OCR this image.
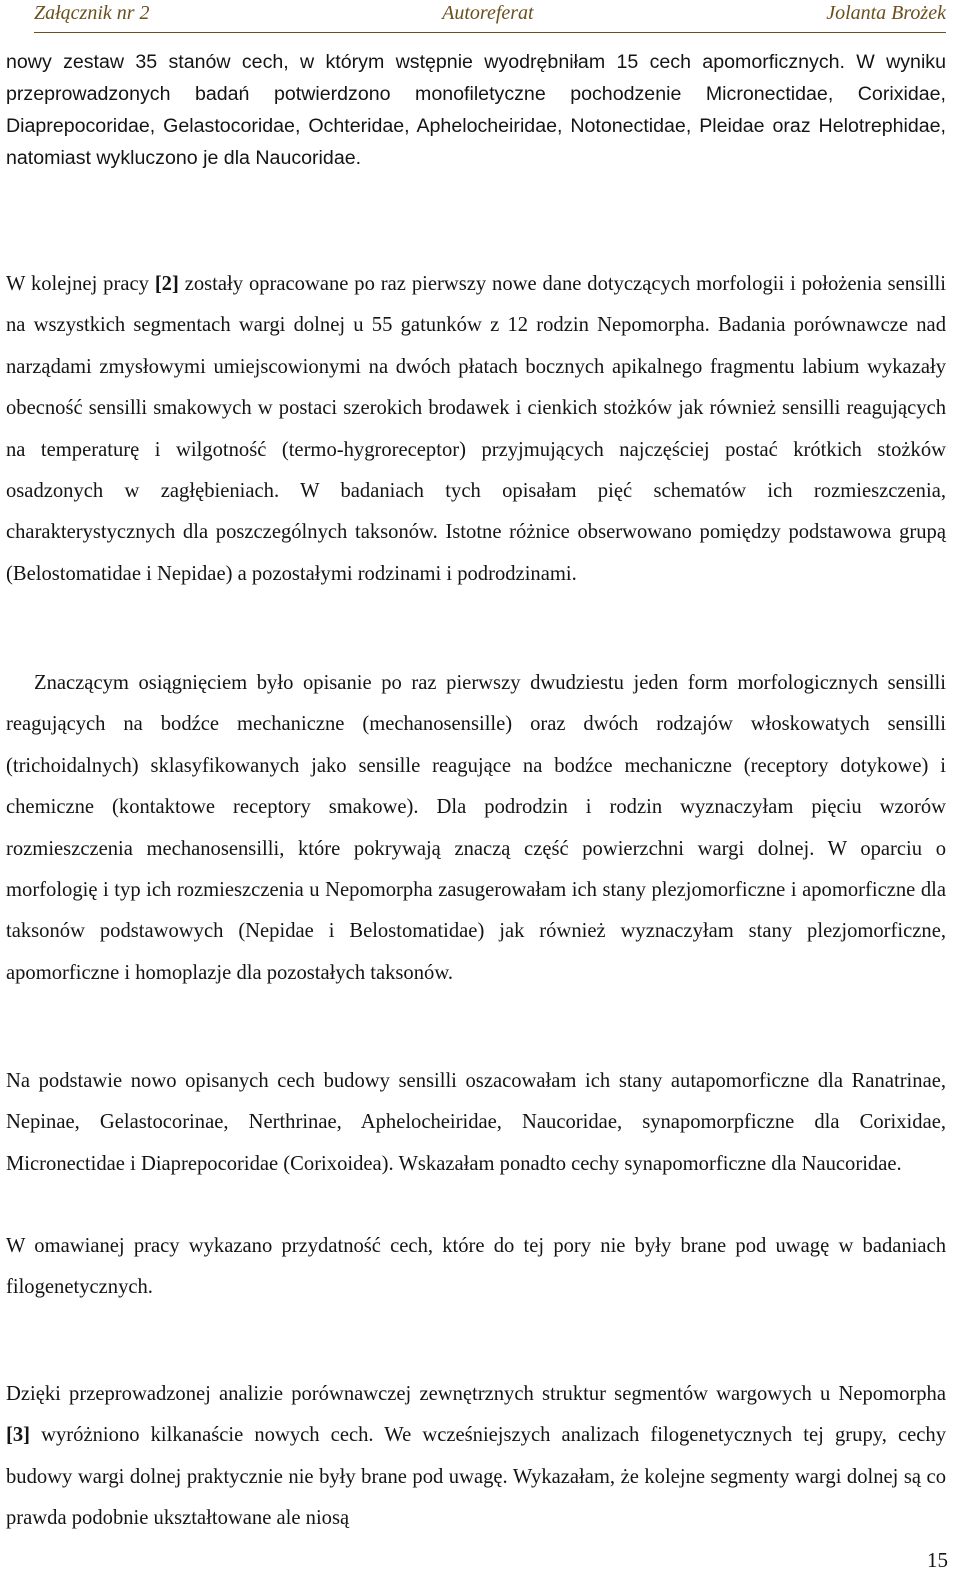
Załącznik nr 2	Autoreferat	Jolanta Brożek

nowy zestaw 35 stanów cech, w którym wstępnie wyodrębniłam 15 cech apomorficznych. W wyniku przeprowadzonych badań potwierdzono monofiletyczne pochodzenie Micronectidae, Corixidae, Diaprepocoridae, Gelastocoridae, Ochteridae, Aphelocheiridae, Notonectidae, Pleidae oraz Helotrephidae, natomiast wykluczono je dla Naucoridae.

W kolejnej pracy [2] zostały opracowane po raz pierwszy nowe dane dotyczących morfologii i położenia sensilli na wszystkich segmentach wargi dolnej u 55 gatunków z 12 rodzin Nepomorpha. Badania porównawcze nad narządami zmysłowymi umiejscowionymi na dwóch płatach bocznych apikalnego fragmentu labium wykazały obecność sensilli smakowych w postaci szerokich brodawek i cienkich stożków jak również sensilli reagujących na temperaturę i wilgotność (termo-hygroreceptor) przyjmujących najczęściej postać krótkich stożków osadzonych w zagłębieniach. W badaniach tych opisałam pięć schematów ich rozmieszczenia, charakterystycznych dla poszczególnych taksonów. Istotne różnice obserwowano pomiędzy podstawowa grupą (Belostomatidae i Nepidae) a pozostałymi rodzinami i podrodzinami.

Znaczącym osiągnięciem było opisanie po raz pierwszy dwudziestu jeden form morfologicznych sensilli reagujących na bodźce mechaniczne (mechanosensille) oraz dwóch rodzajów włoskowatych sensilli (trichoidalnych) sklasyfikowanych jako sensille reagujące na bodźce mechaniczne (receptory dotykowe) i chemiczne (kontaktowe receptory smakowe). Dla podrodzin i rodzin wyznaczyłam pięciu wzorów rozmieszczenia mechanosensilli, które pokrywają znaczą część powierzchni wargi dolnej. W oparciu o morfologię i typ ich rozmieszczenia u Nepomorpha zasugerowałam ich stany plezjomorficzne i apomorficzne dla taksonów podstawowych (Nepidae i Belostomatidae) jak również wyznaczyłam stany plezjomorficzne, apomorficzne i homoplazje dla pozostałych taksonów.

Na podstawie nowo opisanych cech budowy sensilli oszacowałam ich stany autapomorficzne dla Ranatrinae, Nepinae, Gelastocorinae, Nerthrinae, Aphelocheiridae, Naucoridae, synapomorpficzne dla Corixidae, Micronectidae i Diaprepocoridae (Corixoidea). Wskazałam ponadto cechy synapomorficzne dla Naucoridae.

W omawianej pracy wykazano przydatność cech, które do tej pory nie były brane pod uwagę w badaniach filogenetycznych.

Dzięki przeprowadzonej analizie porównawczej zewnętrznych struktur segmentów wargowych u Nepomorpha [3] wyróżniono kilkanaście nowych cech. We wcześniejszych analizach filogenetycznych tej grupy, cechy budowy wargi dolnej praktycznie nie były brane pod uwagę. Wykazałam, że kolejne segmenty wargi dolnej są co prawda podobnie ukształtowane ale niosą

15
